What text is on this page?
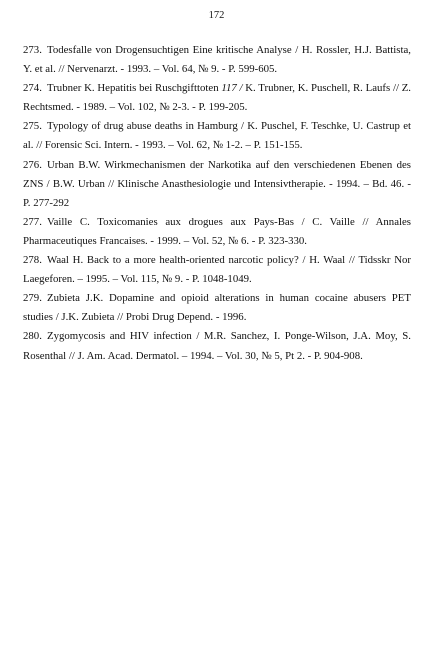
172
273. Todesfalle von Drogensuchtigen Eine kritische Analyse / H. Rossler, H.J. Battista, Y. et al. // Nervenarzt. - 1993. – Vol. 64, № 9. - P. 599-605.
274. Trubner K. Hepatitis bei Ruschgifttoten 117 / K. Trubner, K. Puschell, R. Laufs // Z. Rechtsmed. - 1989. – Vol. 102, № 2-3. - P. 199-205.
275. Typology of drug abuse deaths in Hamburg / K. Puschel, F. Teschke, U. Castrup et al. // Forensic Sci. Intern. - 1993. – Vol. 62, № 1-2. – P. 151-155.
276. Urban B.W. Wirkmechanismen der Narkotika auf den verschiedenen Ebenen des ZNS / B.W. Urban // Klinische Anasthesiologie und Intensivtherapie. - 1994. – Bd. 46. - P. 277-292
277. Vaille C. Toxicomanies aux drogues aux Pays-Bas / C. Vaille // Annales Pharmaceutiques Francaises. - 1999. – Vol. 52, № 6. - P. 323-330.
278. Waal H. Back to a more health-oriented narcotic policy? / H. Waal // Tidsskr Nor Laegeforen. – 1995. – Vol. 115, № 9. - P. 1048-1049.
279. Zubieta J.K. Dopamine and opioid alterations in human cocaine abusers PET studies / J.K. Zubieta // Probi Drug Depend. - 1996.
280. Zygomycosis and HIV infection / M.R. Sanchez, I. Ponge-Wilson, J.A. Moy, S. Rosenthal // J. Am. Acad. Dermatol. – 1994. – Vol. 30, № 5, Pt 2. - P. 904-908.
